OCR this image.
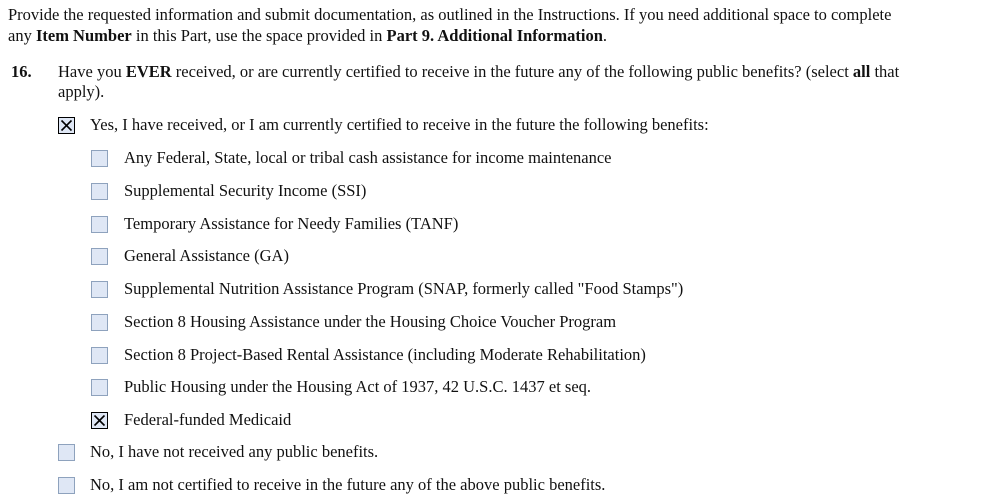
Provide the requested information and submit documentation, as outlined in the Instructions. If you need additional space to complete
any Item Number in this Part, use the space provided in Part 9. Additional Information.
16. Have you EVER received, or are currently certified to receive in the future any of the following public benefits? (select all that
apply).
Yes, I have received, or I am currently certified to receive in the future the following benefits:
Any Federal, State, local or tribal cash assistance for income maintenance
Supplemental Security Income (SSI)
Temporary Assistance for Needy Families (TANF)
General Assistance (GA)
Supplemental Nutrition Assistance Program (SNAP, formerly called "Food Stamps")
Section 8 Housing Assistance under the Housing Choice Voucher Program
Section 8 Project-Based Rental Assistance (including Moderate Rehabilitation)
Public Housing under the Housing Act of 1937, 42 U.S.C. 1437 et seq.
Federal-funded Medicaid
No, I have not received any public benefits.
No, I am not certified to receive in the future any of the above public benefits.
